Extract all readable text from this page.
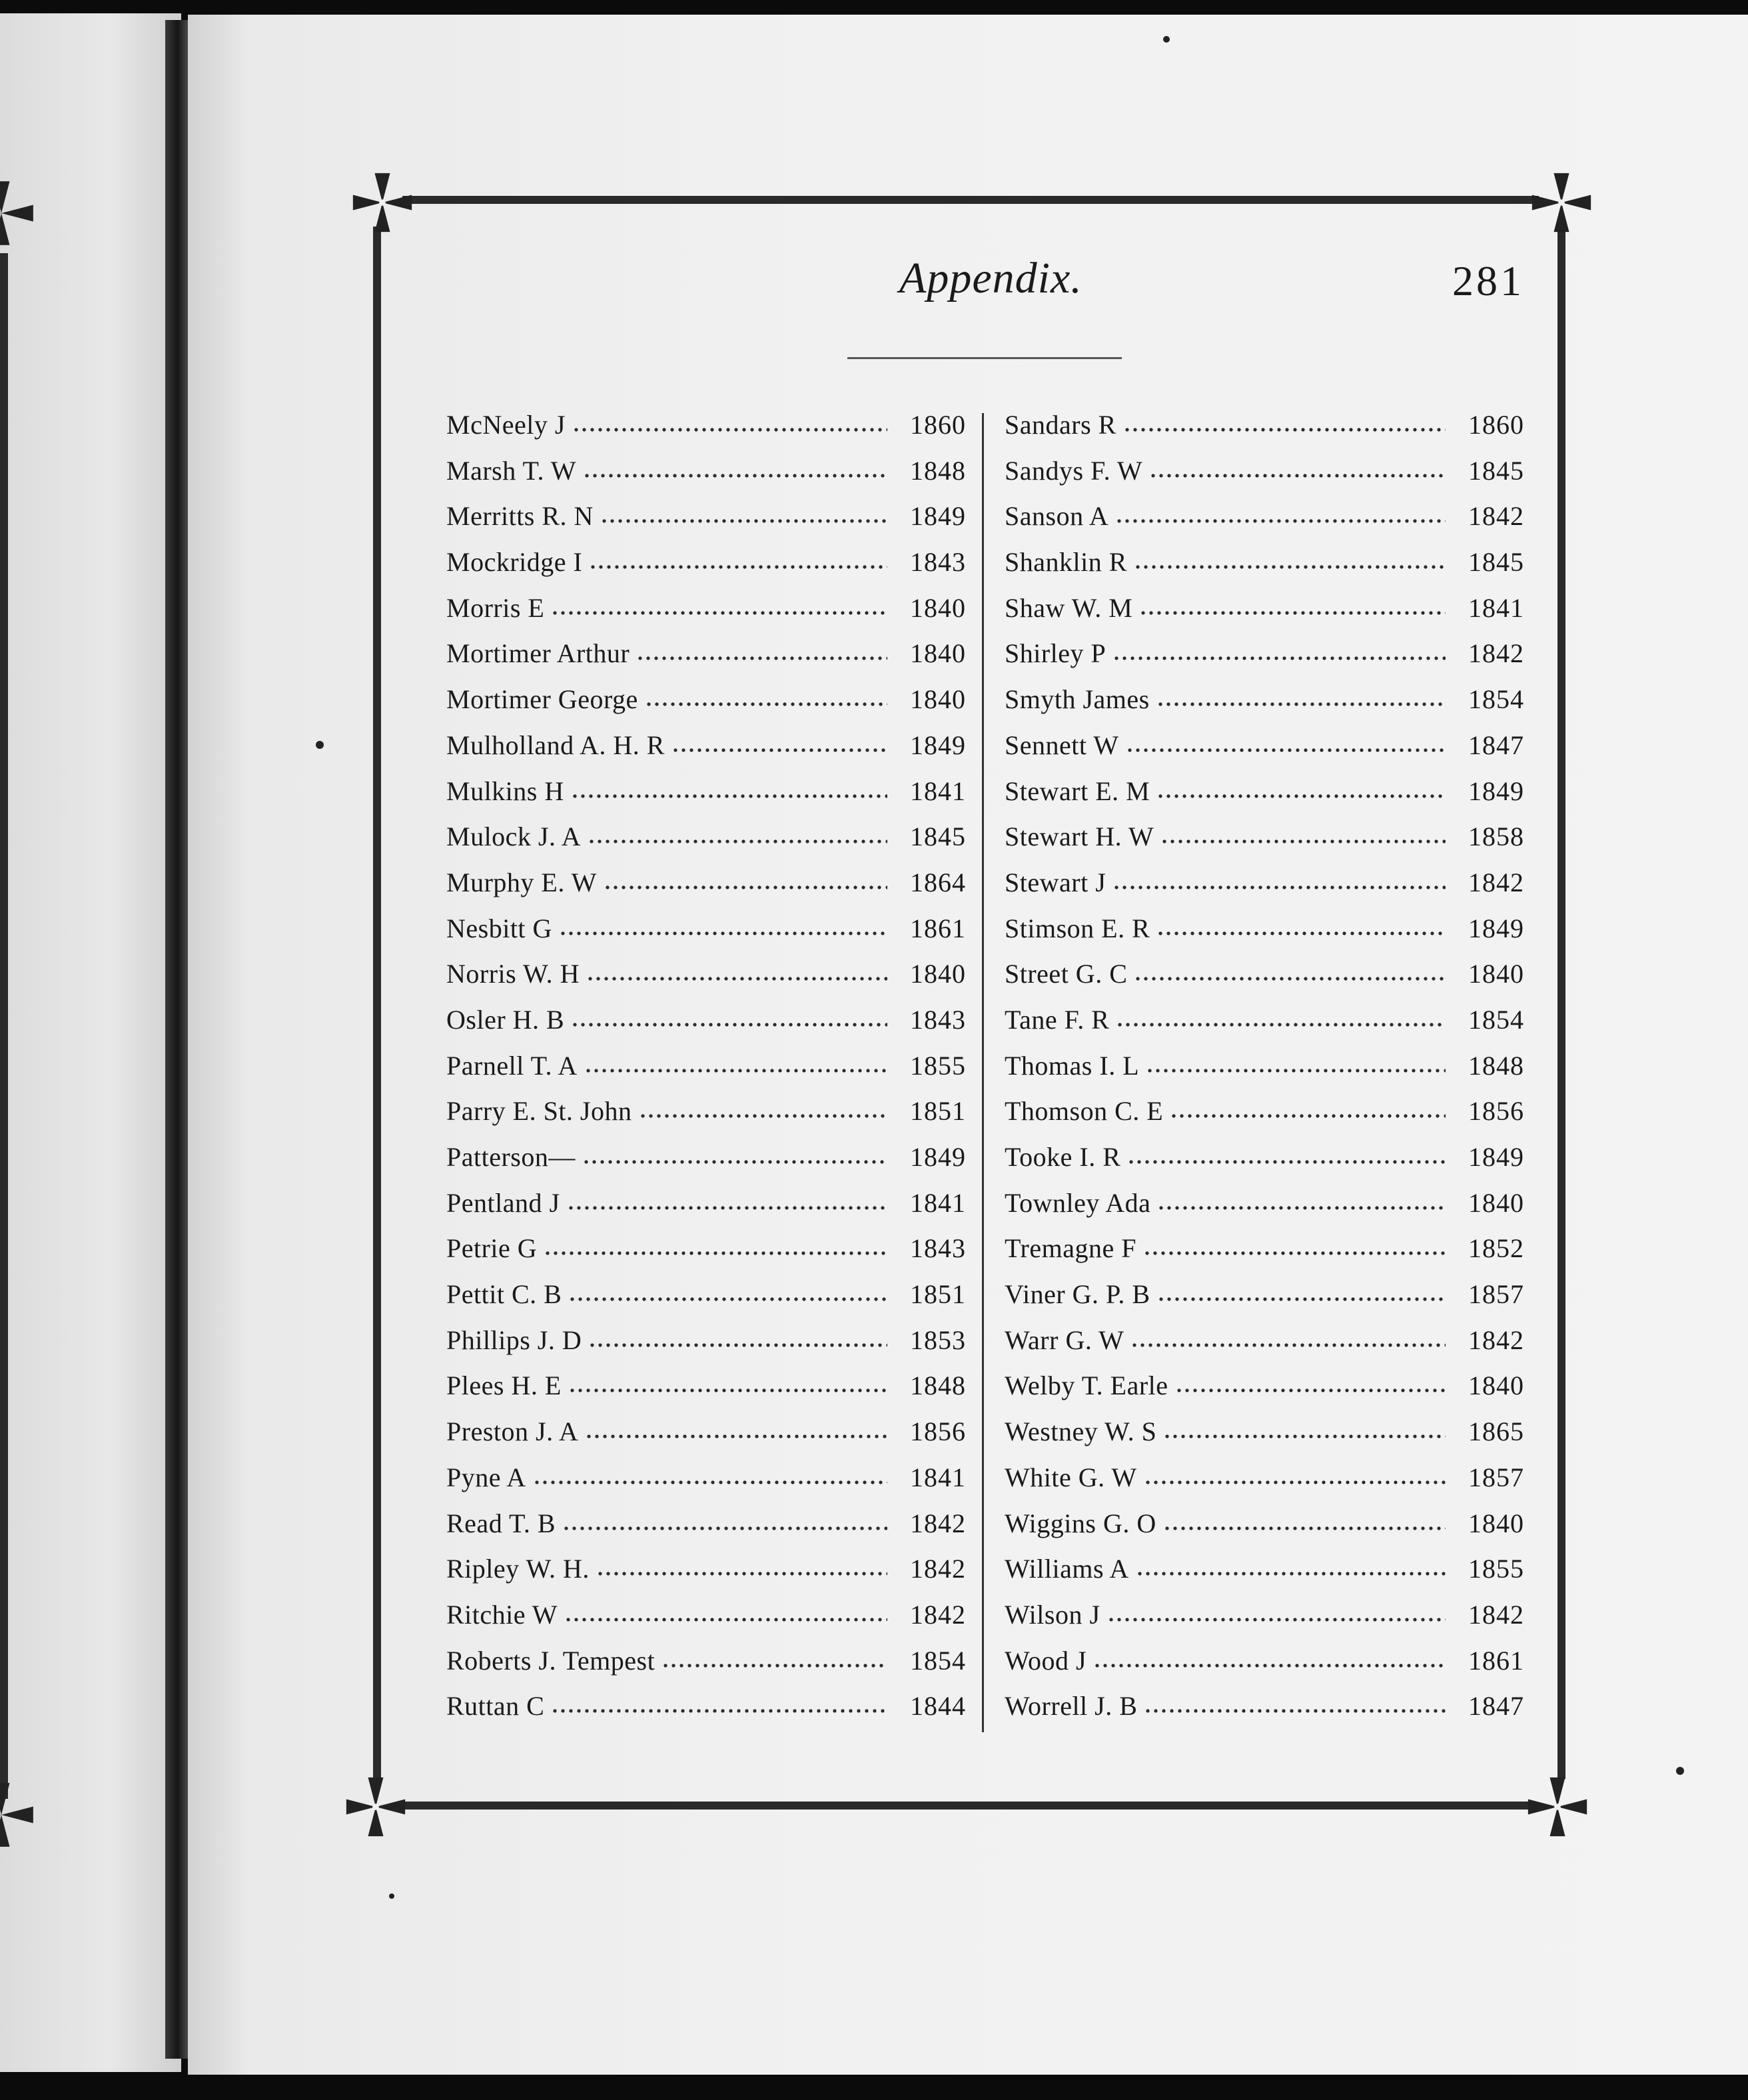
Appendix.	281
McNeely J	1860
Marsh T. W	1848
Merritts R. N	1849
Mockridge I	1843
Morris E	1840
Mortimer Arthur	1840
Mortimer George	1840
Mulholland A. H. R	1849
Mulkins H	1841
Mulock J. A	1845
Murphy E. W	1864
Nesbitt G	1861
Norris W. H	1840
Osler H. B	1843
Parnell T. A	1855
Parry E. St. John	1851
Patterson—	1849
Pentland J	1841
Petrie G	1843
Pettit C. B	1851
Phillips J. D	1853
Plees H. E	1848
Preston J. A	1856
Pyne A	1841
Read T. B	1842
Ripley W. H.	1842
Ritchie W	1842
Roberts J. Tempest	1854
Ruttan C	1844
Sandars R	1860
Sandys F. W	1845
Sanson A	1842
Shanklin R	1845
Shaw W. M	1841
Shirley P	1842
Smyth James	1854
Sennett W	1847
Stewart E. M	1849
Stewart H. W	1858
Stewart J	1842
Stimson E. R	1849
Street G. C	1840
Tane F. R	1854
Thomas I. L	1848
Thomson C. E	1856
Tooke I. R	1849
Townley Ada	1840
Tremagne F	1852
Viner G. P. B	1857
Warr G. W	1842
Welby T. Earle	1840
Westney W. S	1865
White G. W	1857
Wiggins G. O	1840
Williams A	1855
Wilson J	1842
Wood J	1861
Worrell J. B	1847
